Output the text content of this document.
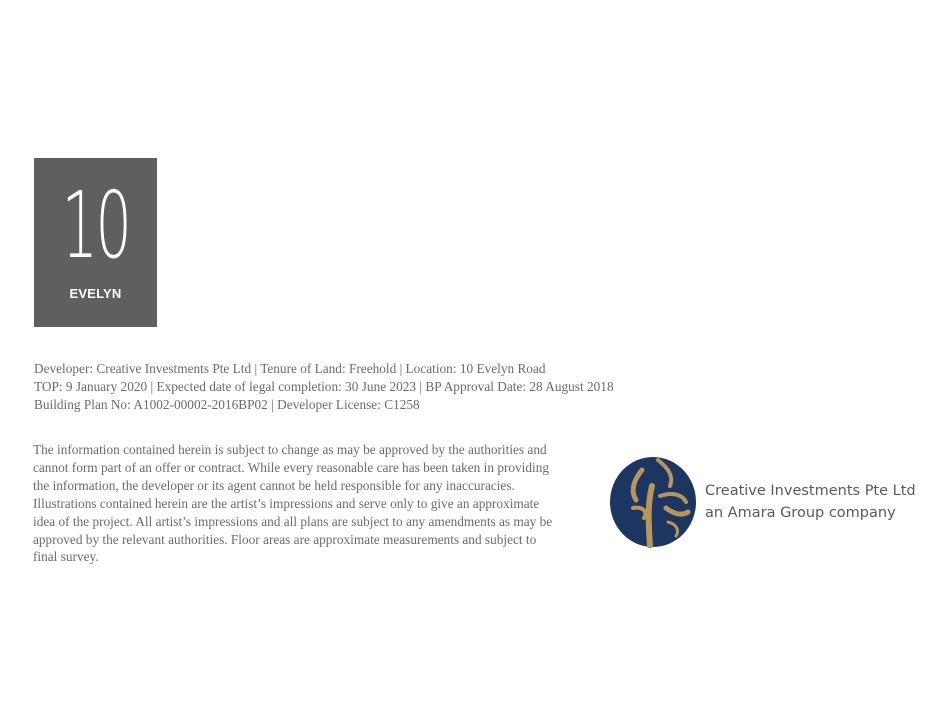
10
EVELYN
Developer: Creative Investments Pte Ltd | Tenure of Land: Freehold | Location: 10 Evelyn Road
TOP: 9 January 2020 | Expected date of legal completion: 30 June 2023 | BP Approval Date: 28 August 2018
Building Plan No: A1002-00002-2016BP02 | Developer License: C1258
The information contained herein is subject to change as may be approved by the authorities and
cannot form part of an offer or contract. While every reasonable care has been taken in providing
the information, the developer or its agent cannot be held responsible for any inaccuracies.
Illustrations contained herein are the artist’s impressions and serve only to give an approximate
idea of the project. All artist’s impressions and all plans are subject to any amendments as may be
approved by the relevant authorities. Floor areas are approximate measurements and subject to
final survey.
Creative Investments Pte Ltd
an Amara Group company
